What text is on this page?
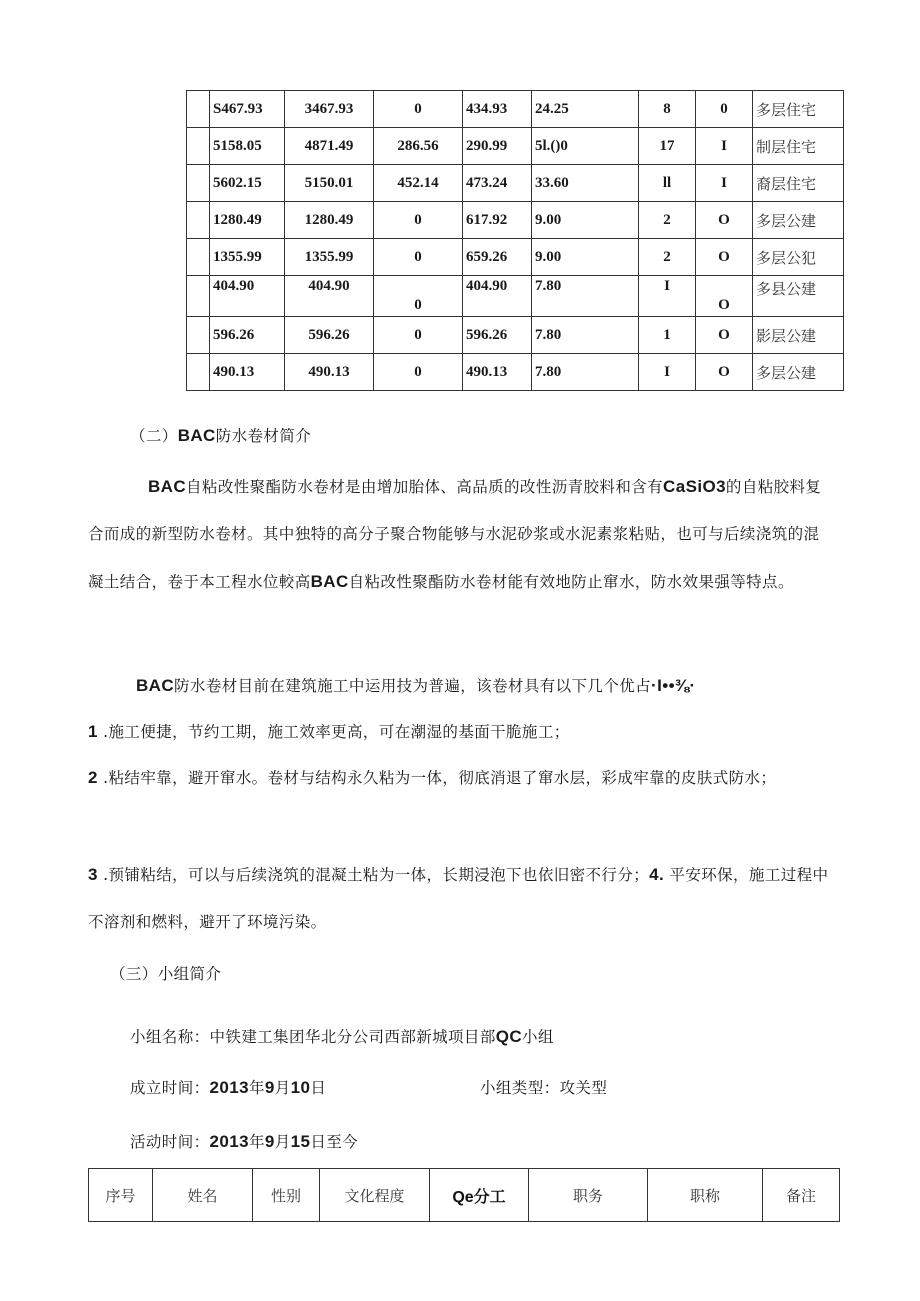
	S467.93	3467.93	0	434.93	24.25	8	0	多层住宅
	5158.05	4871.49	286.56	290.99	5l.()0	17	I	制层住宅
	5602.15	5150.01	452.14	473.24	33.60	ll	I	裔层住宅
	1280.49	1280.49	0	617.92	9.00	2	O	多层公建
	1355.99	1355.99	0	659.26	9.00	2	O	多层公犯
	404.90	404.90	0	404.90	7.80	I	O	多县公建
	596.26	596.26	0	596.26	7.80	1	O	影层公建
	490.13	490.13	0	490.13	7.80	I	O	多层公建
（二）BAC防水卷材简介
BAC自粘改性聚酯防水卷材是由增加胎体、高品质的改性沥青胶料和含有CaSiO3的自粘胶料复合而成的新型防水卷材。其中独特的高分子聚合物能够与水泥砂浆或水泥素浆粘贴，也可与后续浇筑的混凝土结合，卷于本工程水位較高BAC自粘改性聚酯防水卷材能有效地防止窜水，防水效果强等特点。
BAC防水卷材目前在建筑施工中运用技为普遍，该卷材具有以下几个优占·I••⅜·
1 .施工便捷，节约工期，施工效率更高，可在潮湿的基面干脆施工；
2 .粘结牢靠，避开窜水。卷材与结构永久粘为一体，彻底消退了窜水层，彩成牢靠的皮肤式防水；
3 .预铺粘结，可以与后续浇筑的混凝土粘为一体，长期浸泡下也依旧密不行分；4. 平安环保，施工过程中不溶剂和燃料，避开了环境污染。
（三）小组简介
小组名称：中铁建工集团华北分公司西部新城项目部QC小组
成立时间：2013年9月10日	小组类型：攻关型
活动时间：2013年9月15日至今
序号	姓名	性别	文化程度	Qe分工	职务	职称	备注
